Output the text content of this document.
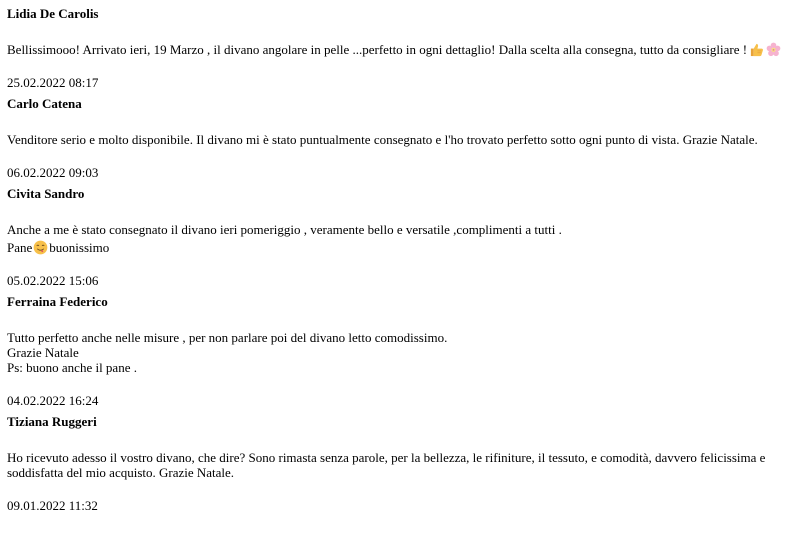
Lidia De Carolis
Bellissimooo! Arrivato ieri, 19 Marzo , il divano angolare in pelle ...perfetto in ogni dettaglio! Dalla scelta alla consegna, tutto da consigliare !
25.02.2022 08:17
Carlo Catena
Venditore serio e molto disponibile. Il divano mi è stato puntualmente consegnato e l'ho trovato perfetto sotto ogni punto di vista. Grazie Natale.
06.02.2022 09:03
Civita Sandro
Anche a me è stato consegnato il divano ieri pomeriggio , veramente bello e versatile ,complimenti a tutti .
Pane buonissimo
05.02.2022 15:06
Ferraina Federico
Tutto perfetto anche nelle misure , per non parlare poi del divano letto comodissimo.
Grazie Natale
Ps: buono anche il pane .
04.02.2022 16:24
Tiziana Ruggeri
Ho ricevuto adesso il vostro divano, che dire? Sono rimasta senza parole, per la bellezza, le rifiniture, il tessuto, e comodità, davvero felicissima e soddisfatta del mio acquisto. Grazie Natale.
09.01.2022 11:32
